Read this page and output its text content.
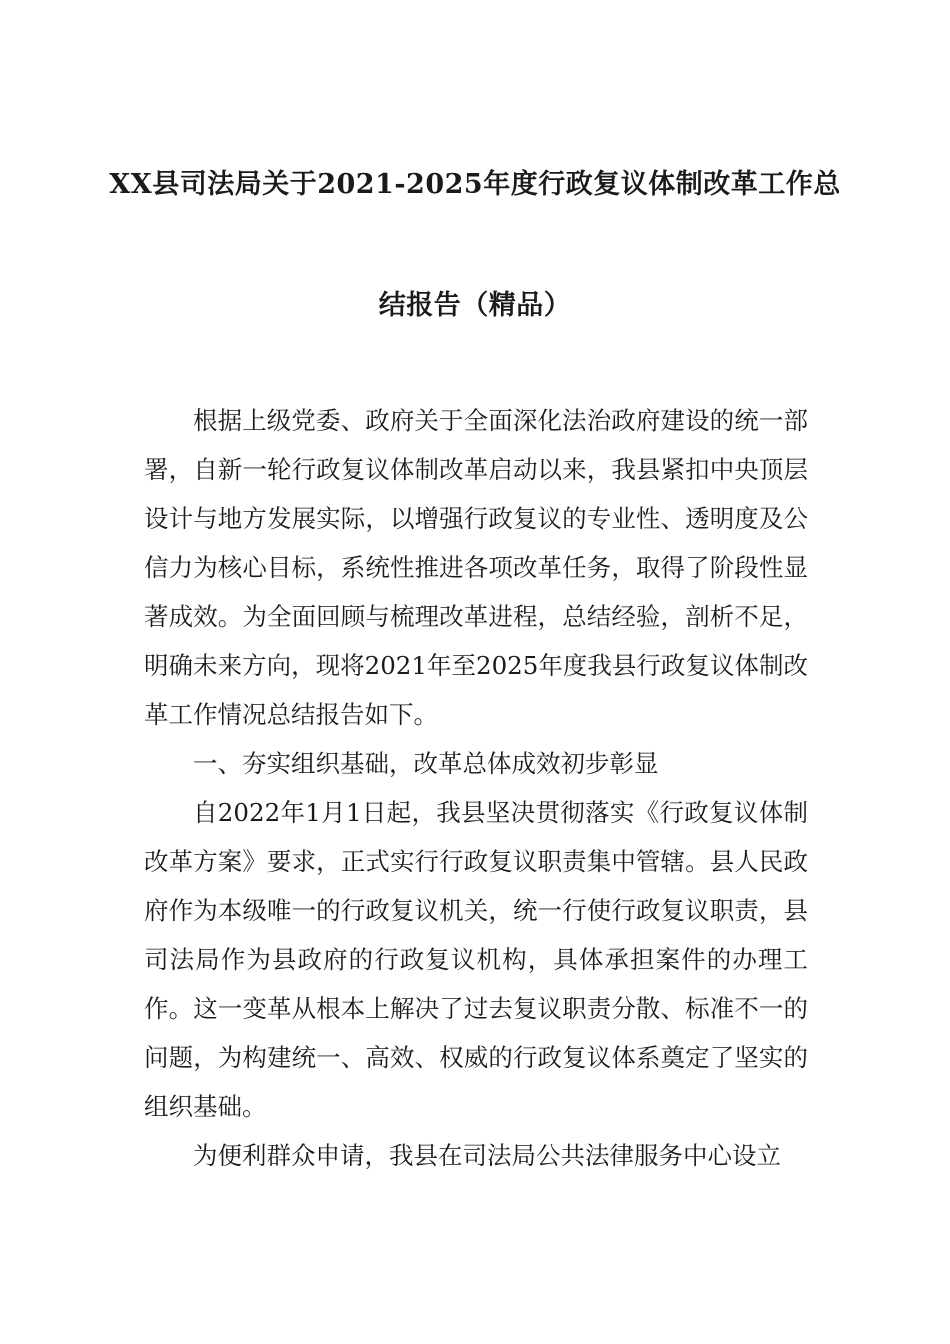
XX县司法局关于2021-2025年度行政复议体制改革工作总
结报告（精品）

根据上级党委、政府关于全面深化法治政府建设的统一部署，自新一轮行政复议体制改革启动以来，我县紧扣中央顶层设计与地方发展实际，以增强行政复议的专业性、透明度及公信力为核心目标，系统性推进各项改革任务，取得了阶段性显著成效。为全面回顾与梳理改革进程，总结经验，剖析不足，明确未来方向，现将2021年至2025年度我县行政复议体制改革工作情况总结报告如下。

一、夯实组织基础，改革总体成效初步彰显

自2022年1月1日起，我县坚决贯彻落实《行政复议体制改革方案》要求，正式实行行政复议职责集中管辖。县人民政府作为本级唯一的行政复议机关，统一行使行政复议职责，县司法局作为县政府的行政复议机构，具体承担案件的办理工作。这一变革从根本上解决了过去复议职责分散、标准不一的问题，为构建统一、高效、权威的行政复议体系奠定了坚实的组织基础。

为便利群众申请，我县在司法局公共法律服务中心设立
